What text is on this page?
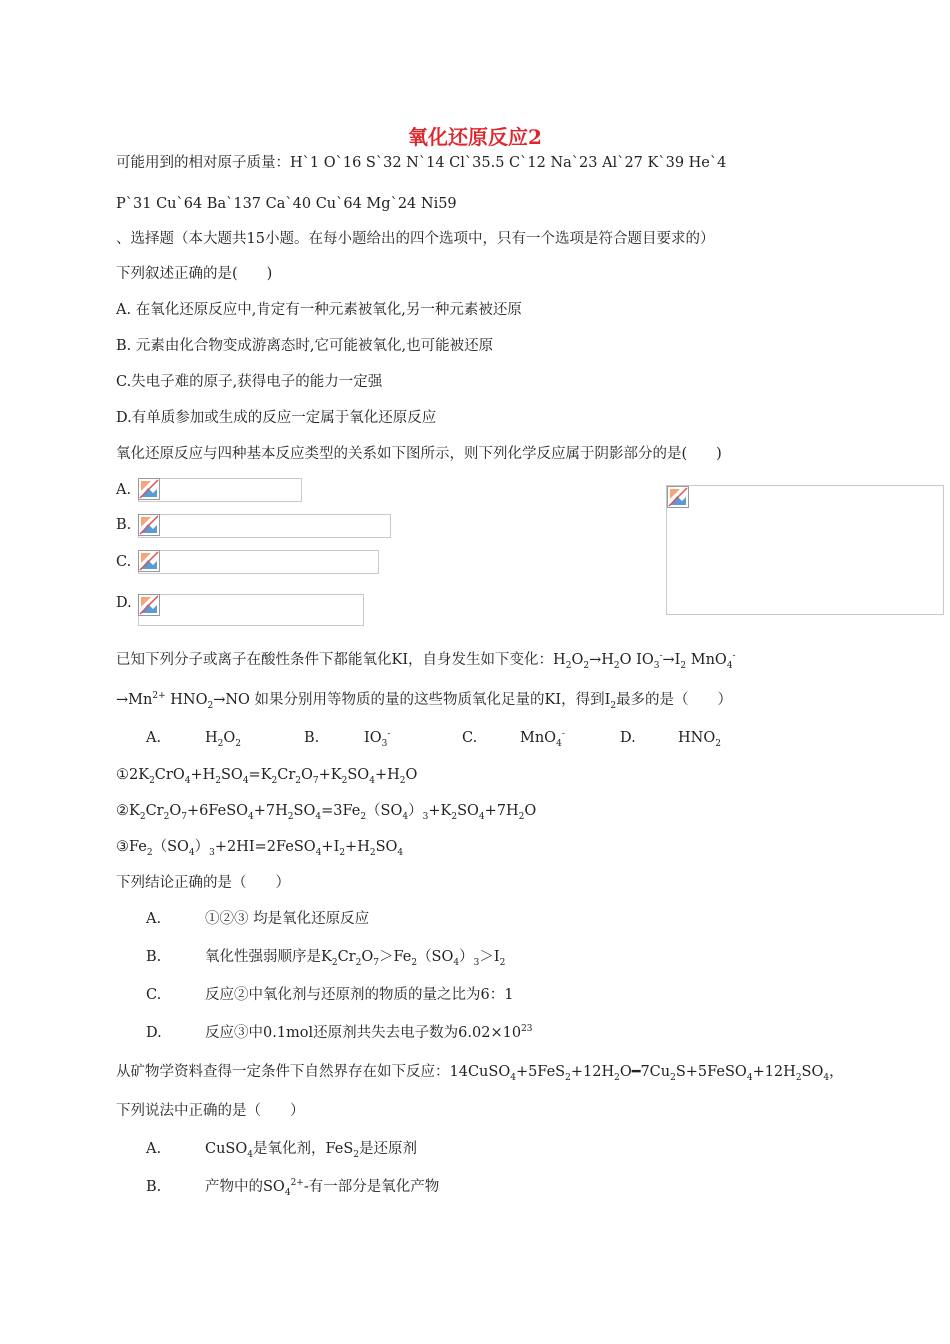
氧化还原反应2
可能用到的相对原子质量：H`1 O`16 S`32 N`14 Cl`35.5 C`12 Na`23 Al`27 K`39 He`4
P`31 Cu`64 Ba`137 Ca`40 Cu`64 Mg`24 Ni59
、选择题（本大题共15小题。在每小题给出的四个选项中，只有一个选项是符合题目要求的）
下列叙述正确的是(　　)
A. 在氧化还原反应中,肯定有一种元素被氧化,另一种元素被还原
B. 元素由化合物变成游离态时,它可能被氧化,也可能被还原
C.失电子难的原子,获得电子的能力一定强
D.有单质参加或生成的反应一定属于氧化还原反应
氧化还原反应与四种基本反应类型的关系如下图所示，则下列化学反应属于阴影部分的是(　　)
A.
B.
C.
D.
已知下列分子或离子在酸性条件下都能氧化KI，自身发生如下变化：$H_2O_2\to H_2O$ $IO_3^-\to I_2$ MnO$_4$-
$\to Mn^{2+}$ $HNO_2\to NO$ 如果分别用等物质的量的这些物质氧化足量的KI，得到$I_2$最多的是（　　）
A.	$H_2O_2$	B.	$IO_3^-$	C.	MnO$_4$-	D.	$HNO_2$
$①2K_2CrO_4+H_2SO_4=K_2Cr_2O_7+K_2SO_4+H_2O$
$②K_2Cr_2O_7+6FeSO_4+7H_2SO_4=3Fe_2(SO_4)_3+K_2SO_4+7H_2O$
$③Fe_2(SO_4)_3+2HI=2FeSO_4+I_2+H_2SO_4$
下列结论正确的是（　　）
A.	①②③ 均是氧化还原反应
B.	氧化性强弱顺序是$K_2Cr_2O_7>Fe_2(SO_4)_3>I_2$
C.	反应②中氧化剂与还原剂的物质的量之比为6：1
D.	反应③中0.1mol还原剂共失去电子数为$6.02\times 10^{23}$
从矿物学资料查得一定条件下自然界存在如下反应：$14CuSO_4+5FeS_2+12H_2O━7Cu_2S+5FeSO_4+12H_2SO_4$，
下列说法中正确的是（　　）
A.	CuSO$_4$是氧化剂，FeS$_2$是还原剂
B.	产物中的$SO_4^{2+}-$有一部分是氧化产物
